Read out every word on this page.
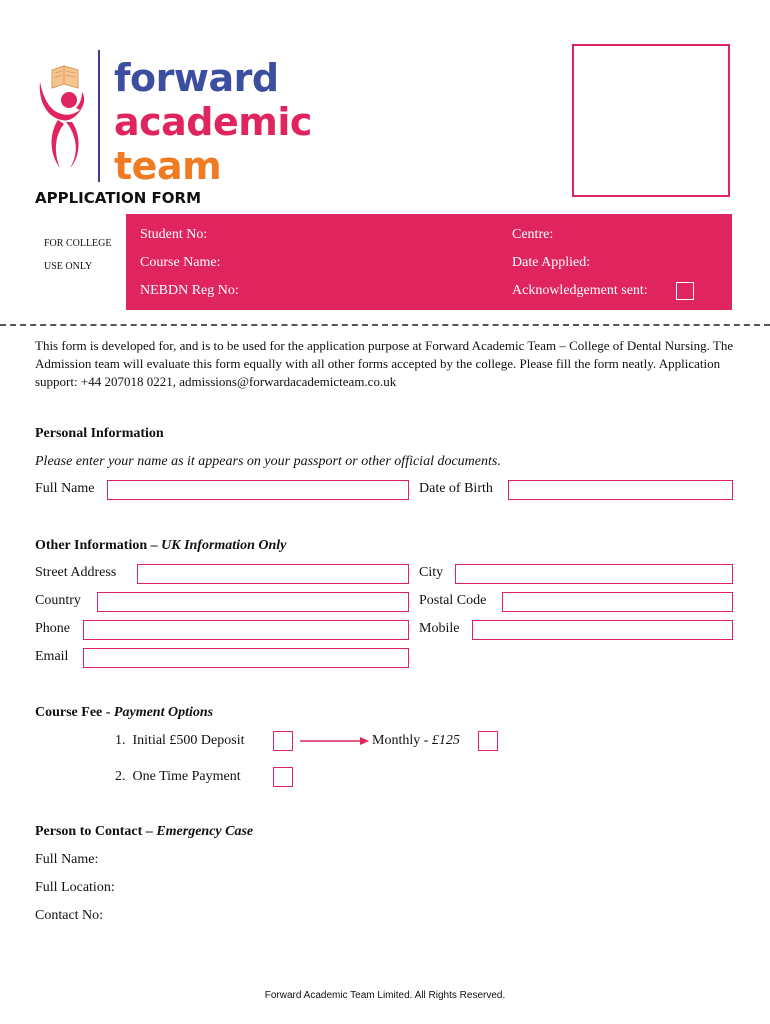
forward
academic
team
APPLICATION FORM
FOR COLLEGE
USE ONLY
Student No:	Centre:
Course Name:	Date Applied:
NEBDN Reg No:	Acknowledgement sent:
This form is developed for, and is to be used for the application purpose at Forward Academic Team – College of Dental Nursing. The Admission team will evaluate this form equally with all other forms accepted by the college. Please fill the form neatly. Application support: +44 207018 0221, admissions@forwardacademicteam.co.uk
Personal Information
Please enter your name as it appears on your passport or other official documents.
Full Name	Date of Birth
Other Information – UK Information Only
Street Address	City
Country	Postal Code
Phone	Mobile
Email
Course Fee - Payment Options
1.  Initial £500 Deposit	Monthly - £125
2.  One Time Payment
Person to Contact – Emergency Case
Full Name:
Full Location:
Contact No:
Forward Academic Team Limited. All Rights Reserved.
